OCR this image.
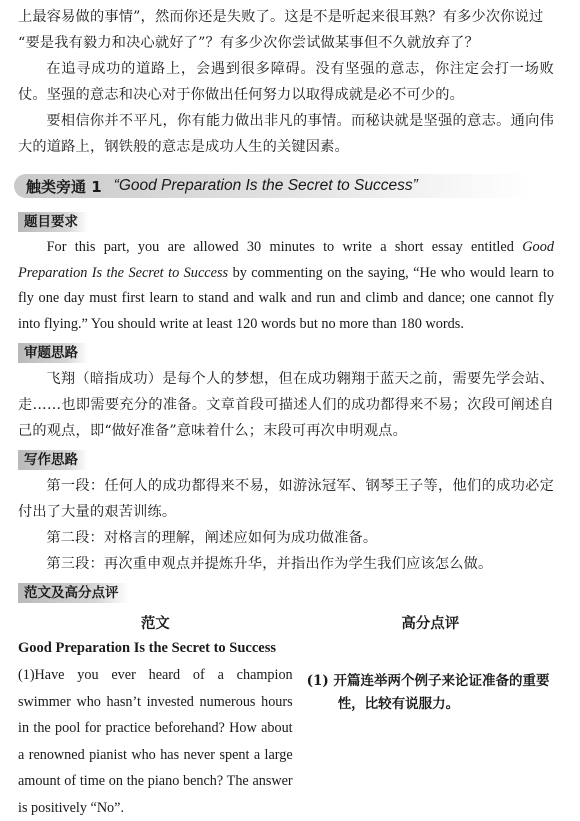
上最容易做的事情”，然而你还是失败了。这是不是听起来很耳熟？有多少次你说过
“要是我有毅力和决心就好了”？有多少次你尝试做某事但不久就放弃了？

在追寻成功的道路上，会遇到很多障碍。没有坚强的意志，你注定会打一场败仗。坚强的意志和决心对于你做出任何努力以取得成就是必不可少的。

要相信你并不平凡，你有能力做出非凡的事情。而秘诀就是坚强的意志。通向伟大的道路上，钢铁般的意志是成功人生的关键因素。

触类旁通 1 “Good Preparation Is the Secret to Success”
题目要求

For this part, you are allowed 30 minutes to write a short essay entitled Good Preparation Is the Secret to Success by commenting on the saying, “He who would learn to fly one day must first learn to stand and walk and run and climb and dance; one cannot fly into flying.” You should write at least 120 words but no more than 180 words.

审题思路

飞翔（暗指成功）是每个人的梦想，但在成功翱翔于蓝天之前，需要先学会站、走……也即需要充分的准备。文章首段可描述人们的成功都得来不易；次段可阐述自己的观点，即“做好准备”意味着什么；末段可再次申明观点。

写作思路

第一段：任何人的成功都得来不易，如游泳冠军、钢琴王子等，他们的成功必定付出了大量的艰苦训练。

第二段：对格言的理解，阐述应如何为成功做准备。

第三段：再次重申观点并提炼升华，并指出作为学生我们应该怎么做。

范文及高分点评
范文
Good Preparation Is the Secret to Success

(1)Have you ever heard of a champion swimmer who hasn’t invested numerous hours in the pool for practice beforehand? How about a renowned pianist who has never spent a large amount of time on the piano bench? The answer is positively “No”.

高分点评

(1) 开篇连举两个例子来论证准备的重要性，比较有说服力。
